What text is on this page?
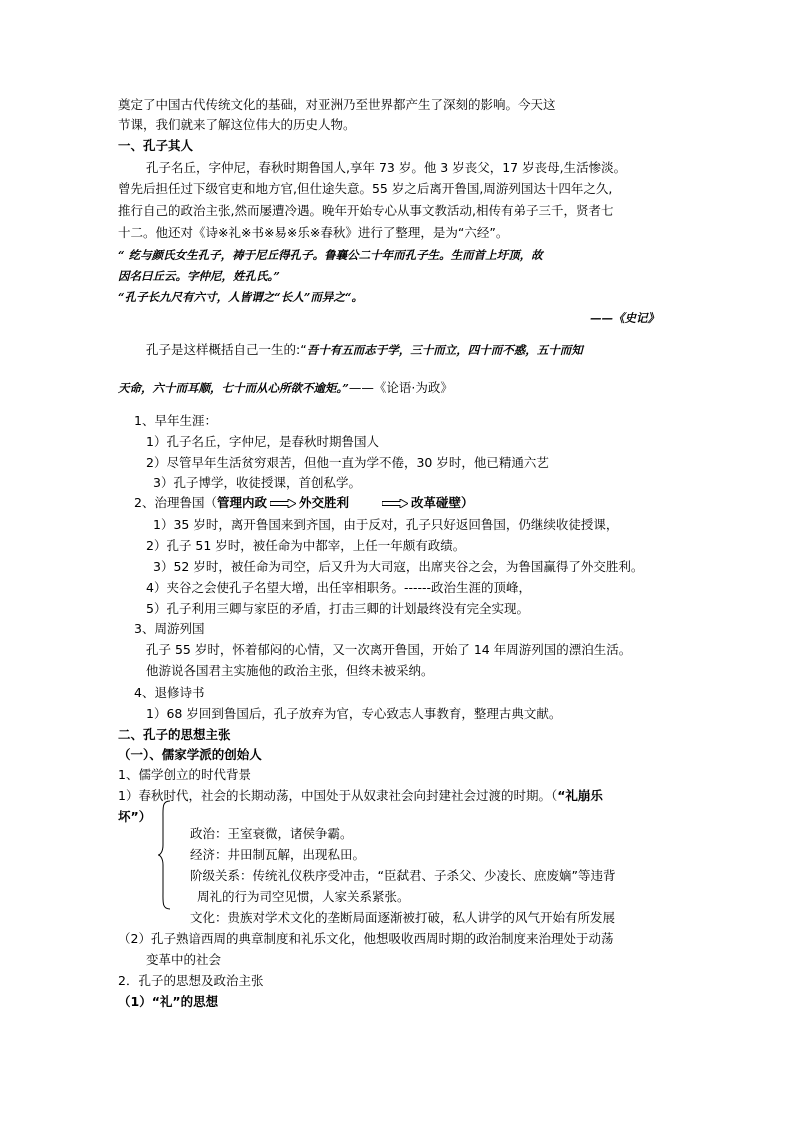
奠定了中国古代传统文化的基础，对亚洲乃至世界都产生了深刻的影响。今天这
节课，我们就来了解这位伟大的历史人物。
一、孔子其人
孔子名丘，字仲尼，春秋时期鲁国人,享年 73 岁。他 3 岁丧父，17 岁丧母,生活惨淡。
曾先后担任过下级官吏和地方官,但仕途失意。55 岁之后离开鲁国,周游列国达十四年之久,
推行自己的政治主张,然而屡遭冷遇。晚年开始专心从事文教活动,相传有弟子三千，贤者七
十二。他还对《诗※礼※书※易※乐※春秋》进行了整理，是为“六经”。
“ 纥与颜氏女生孔子，祷于尼丘得孔子。鲁襄公二十年而孔子生。生而首上圩顶，故
因名曰丘云。字仲尼，姓孔氏。”
“孔子长九尺有六寸，人皆谓之“长人”而异之“。
——《史记》
孔子是这样概括自己一生的:“吾十有五而志于学，三十而立，四十而不惑，五十而知
天命，六十而耳顺，七十而从心所欲不逾矩。”——《论语·为政》
1、早年生涯：
1）孔子名丘，字仲尼，是春秋时期鲁国人
2）尽管早年生活贫穷艰苦，但他一直为学不倦，30 岁时，他已精通六艺
3）孔子博学，收徒授课，首创私学。
2、治理鲁国（管理内政	外交胜利	改革碰壁）
1）35 岁时，离开鲁国来到齐国，由于反对，孔子只好返回鲁国，仍继续收徒授课，
2）孔子 51 岁时，被任命为中都宰，上任一年颇有政绩。
3）52 岁时，被任命为司空，后又升为大司寇，出席夹谷之会，为鲁国赢得了外交胜利。
4）夹谷之会使孔子名望大增，出任宰相职务。------政治生涯的顶峰，
5）孔子利用三卿与家臣的矛盾，打击三卿的计划最终没有完全实现。
3、周游列国
孔子 55 岁时，怀着郁闷的心情，又一次离开鲁国，开始了 14 年周游列国的漂泊生活。
他游说各国君主实施他的政治主张，但终未被采纳。
4、退修诗书
1）68 岁回到鲁国后，孔子放弃为官，专心致志人事教育，整理古典文献。
二、孔子的思想主张
（一）、儒家学派的创始人
1、儒学创立的时代背景
1）春秋时代，社会的长期动荡，中国处于从奴隶社会向封建社会过渡的时期。（“礼崩乐
坏”）
政治：王室衰微，诸侯争霸。
经济：井田制瓦解，出现私田。
阶级关系：传统礼仪秩序受冲击，“臣弑君、子杀父、少凌长、庶废嫡”等违背
周礼的行为司空见惯，人家关系紧张。
文化：贵族对学术文化的垄断局面逐渐被打破，私人讲学的风气开始有所发展
（2）孔子熟谙西周的典章制度和礼乐文化，他想吸收西周时期的政治制度来治理处于动荡
变革中的社会
2．孔子的思想及政治主张
（1）“礼”的思想
